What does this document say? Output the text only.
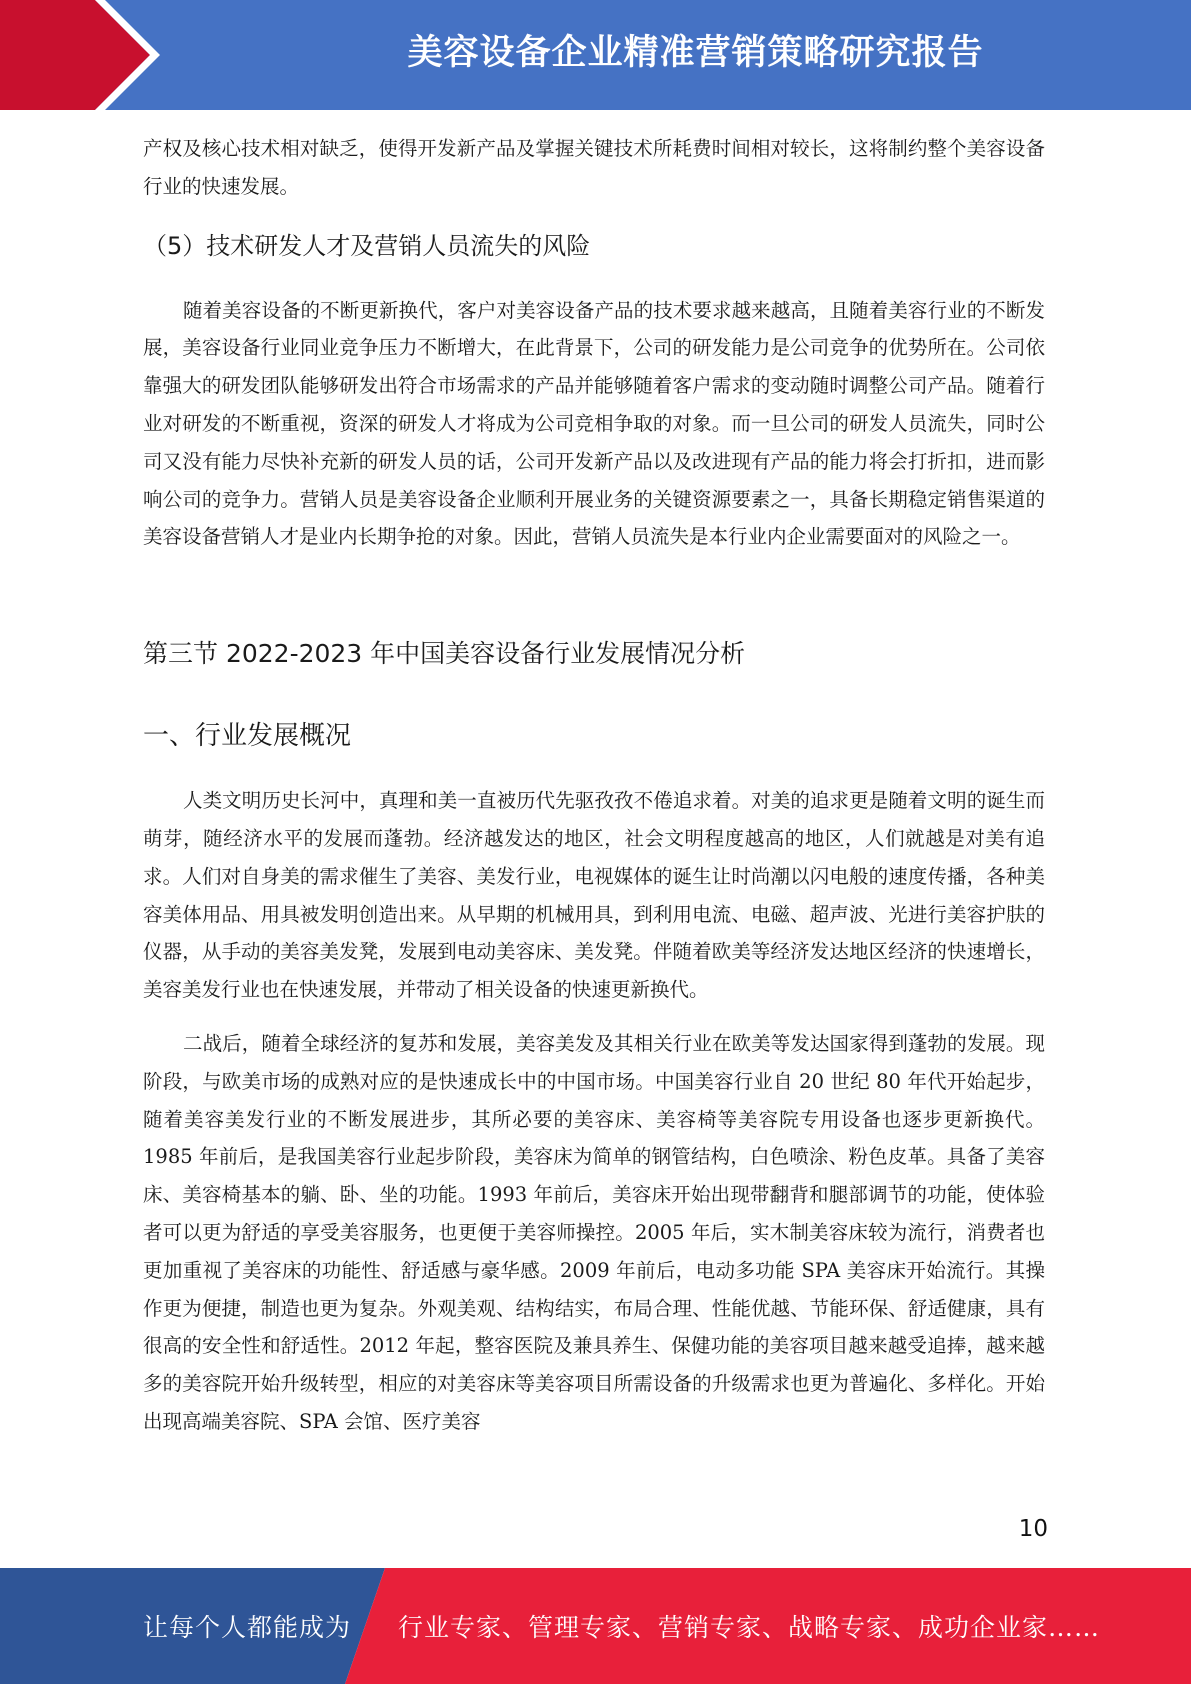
美容设备企业精准营销策略研究报告

产权及核心技术相对缺乏，使得开发新产品及掌握关键技术所耗费时间相对较长，这将制约整个美容设备行业的快速发展。

（5）技术研发人才及营销人员流失的风险

随着美容设备的不断更新换代，客户对美容设备产品的技术要求越来越高，且随着美容行业的不断发展，美容设备行业同业竞争压力不断增大，在此背景下，公司的研发能力是公司竞争的优势所在。公司依靠强大的研发团队能够研发出符合市场需求的产品并能够随着客户需求的变动随时调整公司产品。随着行业对研发的不断重视，资深的研发人才将成为公司竞相争取的对象。而一旦公司的研发人员流失，同时公司又没有能力尽快补充新的研发人员的话，公司开发新产品以及改进现有产品的能力将会打折扣，进而影响公司的竞争力。营销人员是美容设备企业顺利开展业务的关键资源要素之一，具备长期稳定销售渠道的美容设备营销人才是业内长期争抢的对象。因此，营销人员流失是本行业内企业需要面对的风险之一。

第三节 2022-2023 年中国美容设备行业发展情况分析
一、行业发展概况

人类文明历史长河中，真理和美一直被历代先驱孜孜不倦追求着。对美的追求更是随着文明的诞生而萌芽，随经济水平的发展而蓬勃。经济越发达的地区，社会文明程度越高的地区，人们就越是对美有追求。人们对自身美的需求催生了美容、美发行业，电视媒体的诞生让时尚潮以闪电般的速度传播，各种美容美体用品、用具被发明创造出来。从早期的机械用具，到利用电流、电磁、超声波、光进行美容护肤的仪器，从手动的美容美发凳，发展到电动美容床、美发凳。伴随着欧美等经济发达地区经济的快速增长，美容美发行业也在快速发展，并带动了相关设备的快速更新换代。

二战后，随着全球经济的复苏和发展，美容美发及其相关行业在欧美等发达国家得到蓬勃的发展。现阶段，与欧美市场的成熟对应的是快速成长中的中国市场。中国美容行业自 20 世纪 80 年代开始起步，随着美容美发行业的不断发展进步，其所必要的美容床、美容椅等美容院专用设备也逐步更新换代。1985 年前后，是我国美容行业起步阶段，美容床为简单的钢管结构，白色喷涂、粉色皮革。具备了美容床、美容椅基本的躺、卧、坐的功能。1993 年前后，美容床开始出现带翻背和腿部调节的功能，使体验者可以更为舒适的享受美容服务，也更便于美容师操控。2005 年后，实木制美容床较为流行，消费者也更加重视了美容床的功能性、舒适感与豪华感。2009 年前后，电动多功能 SPA 美容床开始流行。其操作更为便捷，制造也更为复杂。外观美观、结构结实，布局合理、性能优越、节能环保、舒适健康，具有很高的安全性和舒适性。2012 年起，整容医院及兼具养生、保健功能的美容项目越来越受追捧，越来越多的美容院开始升级转型，相应的对美容床等美容项目所需设备的升级需求也更为普遍化、多样化。开始出现高端美容院、SPA 会馆、医疗美容

10
让每个人都能成为 行业专家、管理专家、营销专家、战略专家、成功企业家……
